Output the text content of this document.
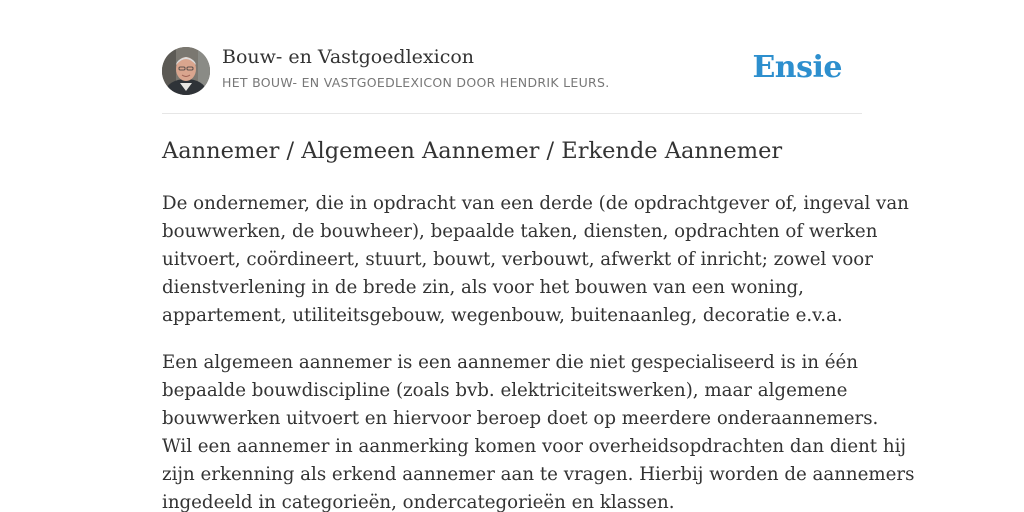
Bouw- en Vastgoedlexicon
HET BOUW- EN VASTGOEDLEXICON DOOR HENDRIK LEURS.	Ensie
Aannemer / Algemeen Aannemer / Erkende Aannemer

De ondernemer, die in opdracht van een derde (de opdrachtgever of, ingeval van
bouwwerken, de bouwheer), bepaalde taken, diensten, opdrachten of werken
uitvoert, coördineert, stuurt, bouwt, verbouwt, afwerkt of inricht; zowel voor
dienstverlening in de brede zin, als voor het bouwen van een woning,
appartement, utiliteitsgebouw, wegenbouw, buitenaanleg, decoratie e.v.a.

Een algemeen aannemer is een aannemer die niet gespecialiseerd is in één
bepaalde bouwdiscipline (zoals bvb. elektriciteitswerken), maar algemene
bouwwerken uitvoert en hiervoor beroep doet op meerdere onderaannemers.
Wil een aannemer in aanmerking komen voor overheidsopdrachten dan dient hij
zijn erkenning als erkend aannemer aan te vragen. Hierbij worden de aannemers
ingedeeld in categorieën, ondercategorieën en klassen.
